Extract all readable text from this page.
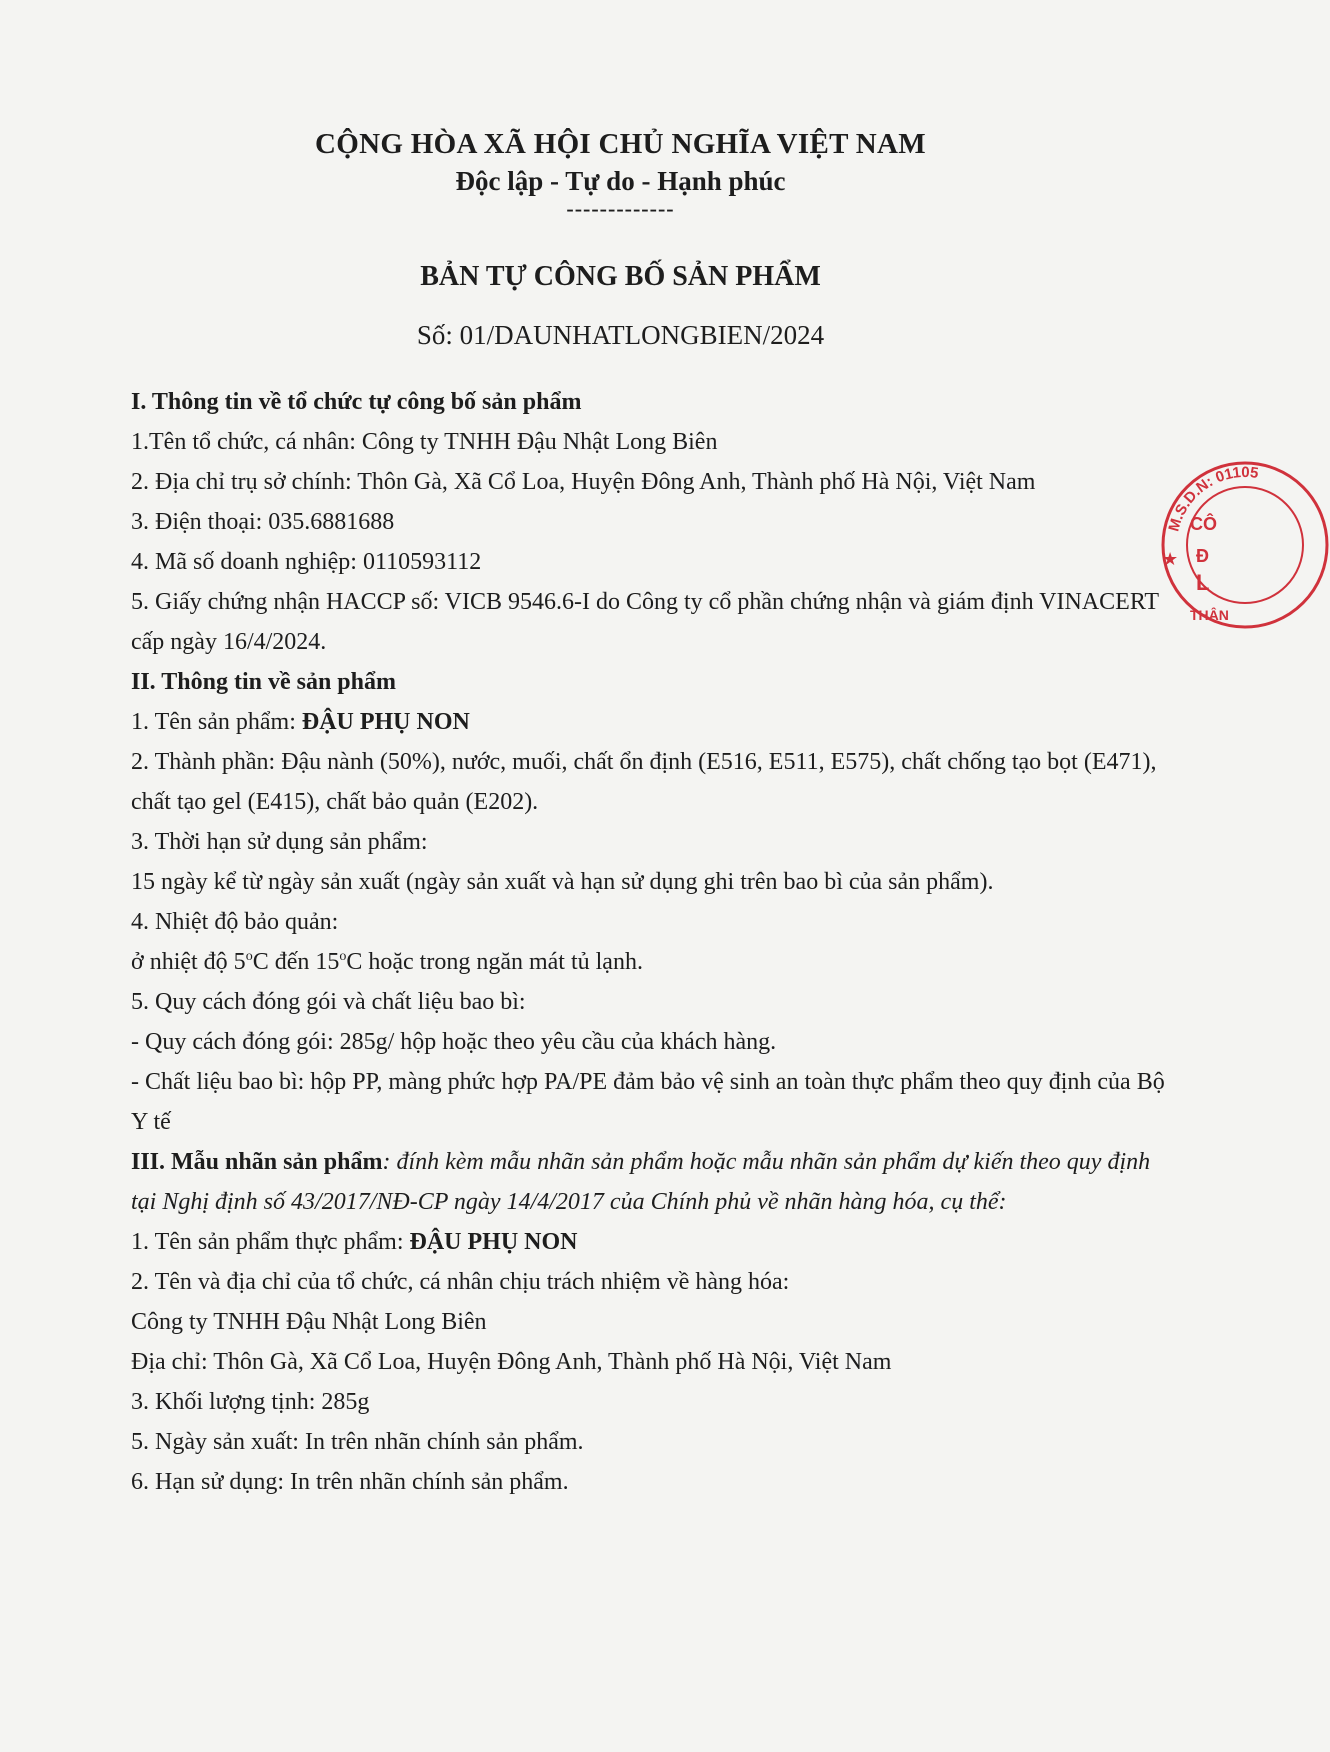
CỘNG HÒA XÃ HỘI CHỦ NGHĨA VIỆT NAM
Độc lập - Tự do - Hạnh phúc
-------------
BẢN TỰ CÔNG BỐ SẢN PHẨM
Số: 01/DAUNHATLONGBIEN/2024
I. Thông tin về tổ chức tự công bố sản phẩm
1.Tên tổ chức, cá nhân: Công ty TNHH Đậu Nhật Long Biên
2. Địa chỉ trụ sở chính: Thôn Gà, Xã Cổ Loa, Huyện Đông Anh, Thành phố Hà Nội, Việt Nam
3. Điện thoại: 035.6881688
4. Mã số doanh nghiệp: 0110593112
5. Giấy chứng nhận HACCP số: VICB 9546.6-I do Công ty cổ phần chứng nhận và giám định VINACERT cấp ngày 16/4/2024.
II. Thông tin về sản phẩm
1. Tên sản phẩm: ĐẬU PHỤ NON
2. Thành phần: Đậu nành (50%), nước, muối, chất ổn định (E516, E511, E575), chất chống tạo bọt (E471), chất tạo gel (E415), chất bảo quản (E202).
3. Thời hạn sử dụng sản phẩm:
15 ngày kể từ ngày sản xuất (ngày sản xuất và hạn sử dụng ghi trên bao bì của sản phẩm).
4. Nhiệt độ bảo quản:
ở nhiệt độ 5$^o$C đến 15$^o$C hoặc trong ngăn mát tủ lạnh.
5. Quy cách đóng gói và chất liệu bao bì:
- Quy cách đóng gói: 285g/ hộp hoặc theo yêu cầu của khách hàng.
- Chất liệu bao bì: hộp PP, màng phức hợp PA/PE đảm bảo vệ sinh an toàn thực phẩm theo quy định của Bộ Y tế
III. Mẫu nhãn sản phẩm: đính kèm mẫu nhãn sản phẩm hoặc mẫu nhãn sản phẩm dự kiến theo quy định tại Nghị định số 43/2017/NĐ-CP ngày 14/4/2017 của Chính phủ về nhãn hàng hóa, cụ thể:
1. Tên sản phẩm thực phẩm: ĐẬU PHỤ NON
2. Tên và địa chỉ của tổ chức, cá nhân chịu trách nhiệm về hàng hóa:
Công ty TNHH Đậu Nhật Long Biên
Địa chỉ: Thôn Gà, Xã Cổ Loa, Huyện Đông Anh, Thành phố Hà Nội, Việt Nam
3. Khối lượng tịnh: 285g
5. Ngày sản xuất: In trên nhãn chính sản phẩm.
6. Hạn sử dụng: In trên nhãn chính sản phẩm.
M.S.D.N: 01105
★
CÔ
Đ
L
THÂN
